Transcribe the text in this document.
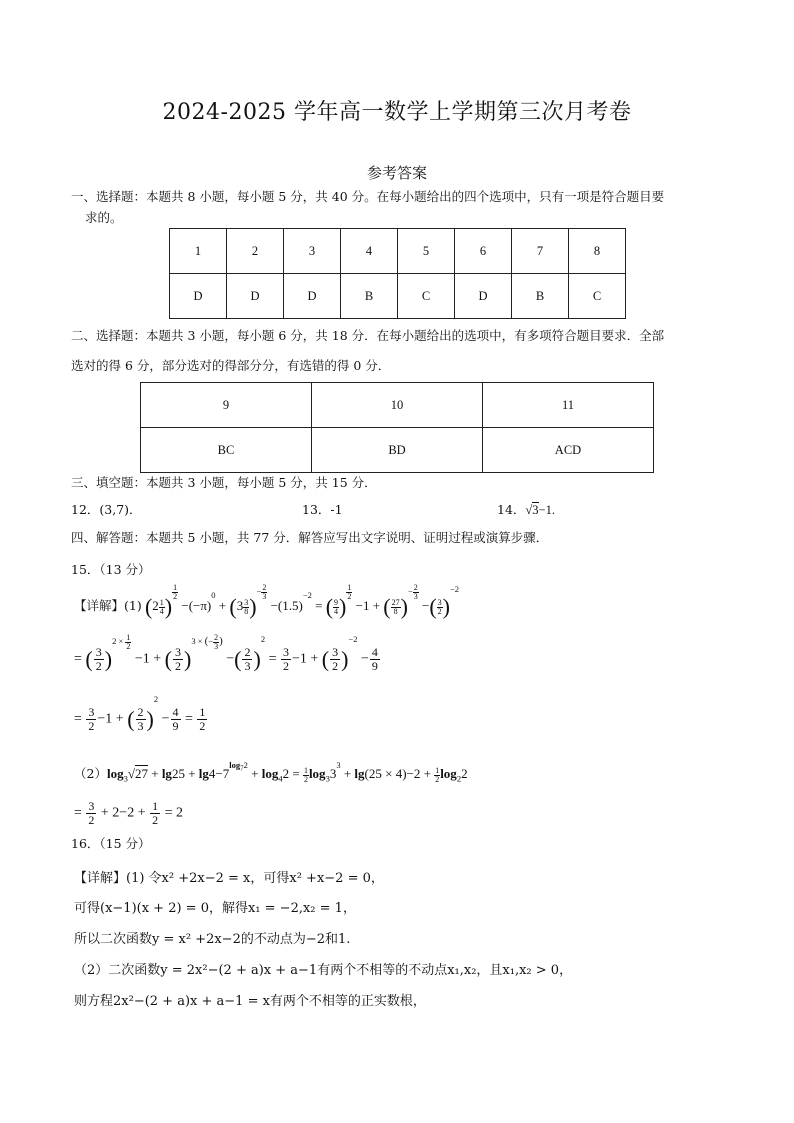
2024-2025 学年高一数学上学期第三次月考卷
参考答案
一、选择题：本题共 8 小题，每小题 5 分，共 40 分。在每小题给出的四个选项中，只有一项是符合题目要
求的。
1	2	3	4	5	6	7	8
D	D	D	B	C	D	B	C
二、选择题：本题共 3 小题，每小题 6 分，共 18 分．在每小题给出的选项中，有多项符合题目要求．全部
选对的得 6 分，部分选对的得部分分，有选错的得 0 分．
9	10	11
BC	BD	ACD
三、填空题：本题共 3 小题，每小题 5 分，共 15 分．
12．(3,7)．	13．-1	14．√3−1.
四、解答题：本题共 5 小题，共 77 分．解答应写出文字说明、证明过程或演算步骤．
15．（13 分）
【详解】(1) ($2 \frac{1}{4}$ )
$^{\frac{1}{2}}$
$-(-\pi)^0 + (3 \frac{3}{8} )^{- \frac{2}{3}}$
$-(1.5)^{-2}$ = ( $\frac{9}{4}$ )
$^{\frac{1}{2}}$
−1 + ( $\frac{27}{8} )^{- \frac{2}{3}}$
−( $\frac{3}{2} )^{-2}$
= ( $\frac{3}{2} )^{2 \times \frac{1}{2}}$
−1 + ( $\frac{3}{2} )^{3 \times (- \frac{2}{3} )}$ −( $\frac{2}{3} )^2 = \frac{3}{2} -1$ + ( $\frac{3}{2} )^{-2} - \frac{4}{9}$
= $\frac{3}{2} -1$ + ( $\frac{2}{3} )^2 - \frac{4}{9} = \frac{1}{2}$
$(2)\log_3√27 + \lg 25 + \lg 4-7^{log_72} + \log_42 = \frac{1}{2} \log_33^3 + \lg(25 \times 4)-2 + \frac{1}{2} \log_22$
= $\frac{3}{2} + 2-2 + \frac{1}{2} = 2$
16．（15 分）
【详解】(1) 令x² +2x−2 = x，可得x² +x−2 = 0，
可得(x−1)(x + 2) = 0，解得x₁ = −2,x₂ = 1，
所以二次函数y = x² +2x−2的不动点为−2和1.
（2）二次函数y = 2x²−(2 + a)x + a−1有两个不相等的不动点x₁,x₂，且x₁,x₂ > 0，
则方程2x²−(2 + a)x + a−1 = x有两个不相等的正实数根，
